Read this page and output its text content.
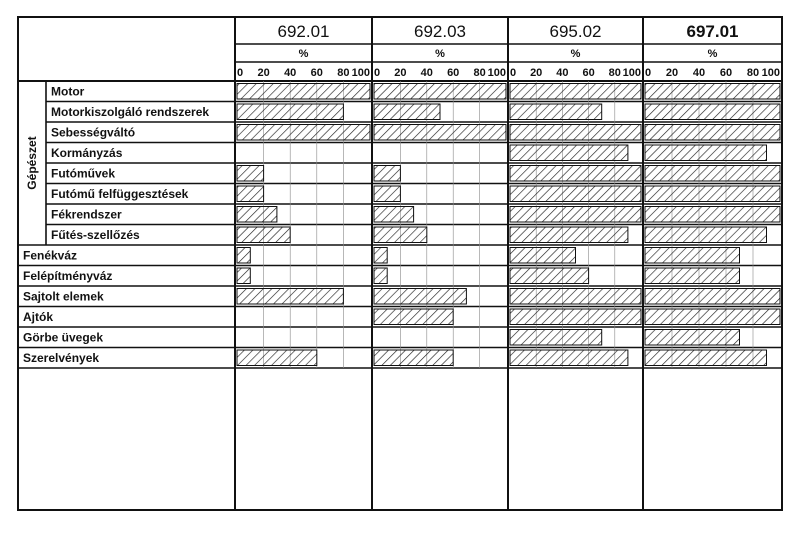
Gépészet
692.01
%
0 20 40 60 80 100
692.03
%
0 20 40 60 80 100
695.02
%
0 20 40 60 80 100
697.01
%
0 20 40 60 80 100
Motor
Motorkiszolgáló rendszerek
Sebességváltó
Kormányzás
Futóművek
Futómű felfüggesztések
Fékrendszer
Fűtés-szellőzés
Fenékváz
Felépítményváz
Sajtolt elemek
Ajtók
Görbe üvegek
Szerelvények
